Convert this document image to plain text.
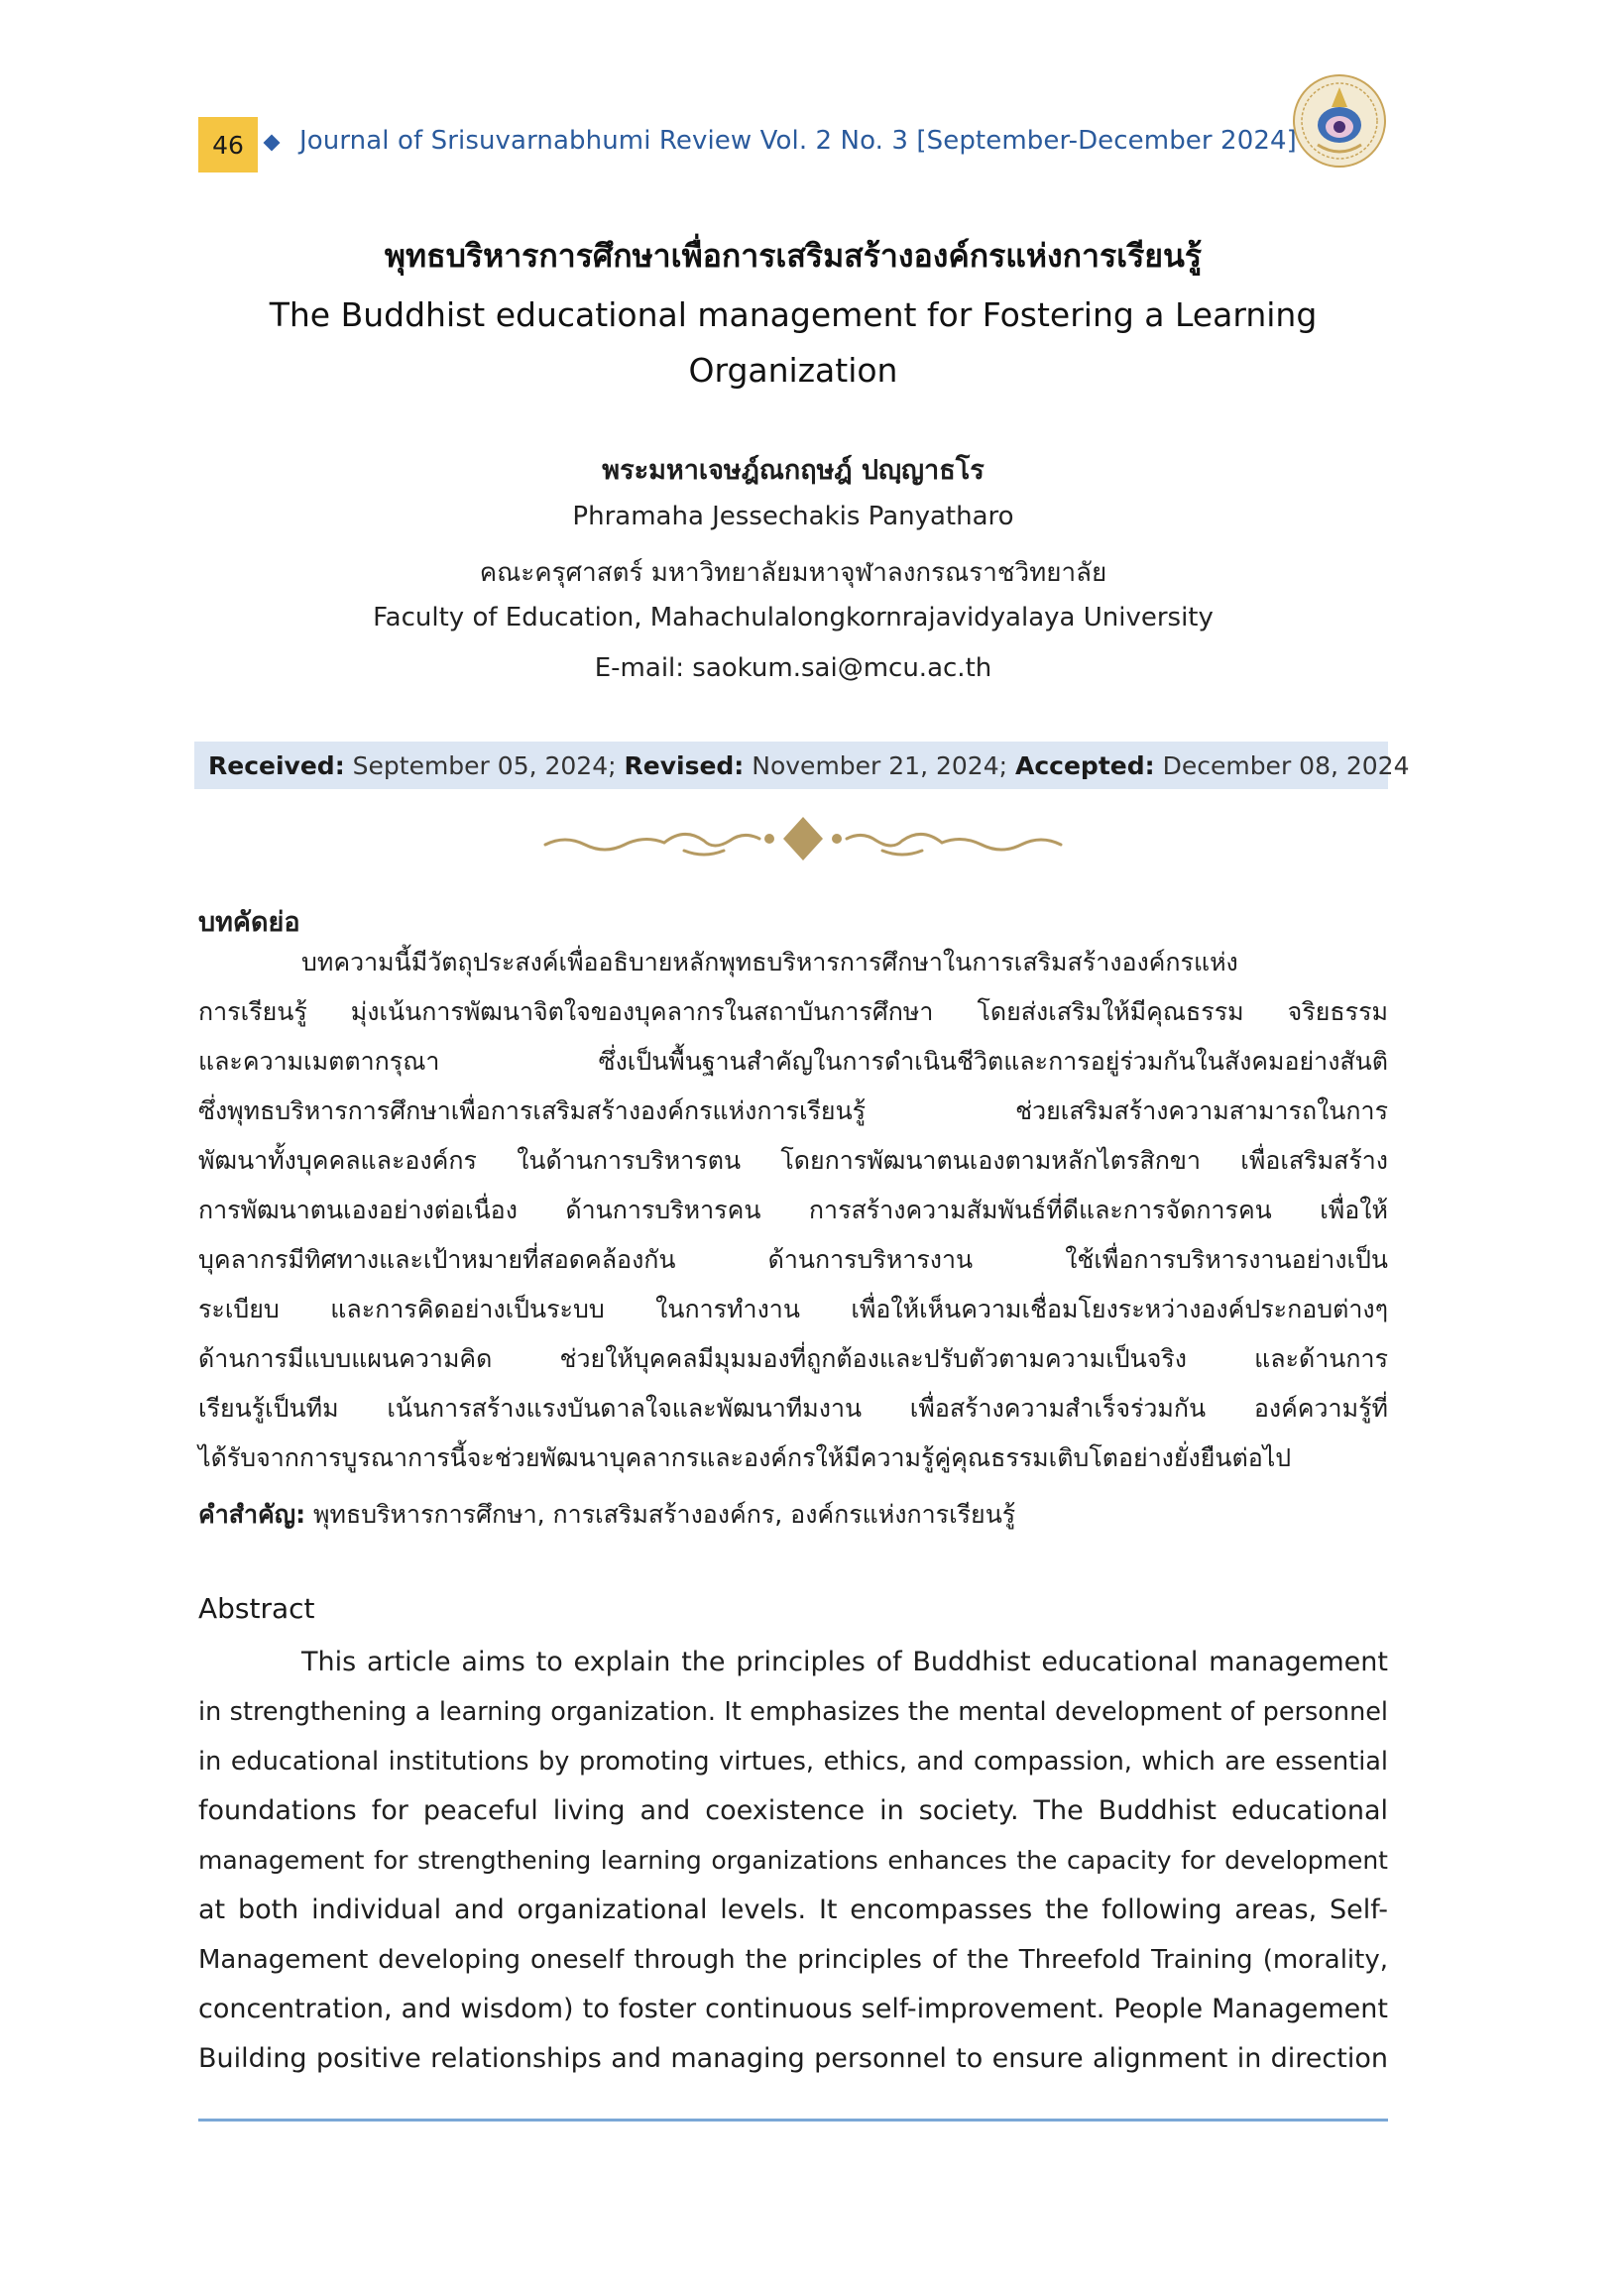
46	Journal of Srisuvarnabhumi Review Vol. 2 No. 3 [September-December 2024]
พุทธบริหารการศึกษาเพื่อการเสริมสร้างองค์กรแห่งการเรียนรู้
The Buddhist educational management for Fostering a Learning
Organization
พระมหาเจษฎ์ณกฤษฎ์ ปญฺญาธโร
Phramaha Jessechakis Panyatharo
คณะครุศาสตร์ มหาวิทยาลัยมหาจุฬาลงกรณราชวิทยาลัย
Faculty of Education, Mahachulalongkornrajavidyalaya University
E-mail: saokum.sai@mcu.ac.th
Received:
September 05, 2024;
Revised:
November 21, 2024;
Accepted:
December 08, 2024
บทคัดย่อ
บทความนี้มีวัตถุประสงค์เพื่ออธิบายหลักพุทธบริหารการศึกษาในการเสริมสร้างองค์กรแห่ง
การเรียนรู้ มุ่งเน้นการพัฒนาจิตใจของบุคลากรในสถาบันการศึกษา โดยส่งเสริมให้มีคุณธรรม จริยธรรม
และความเมตตากรุณา ซึ่งเป็นพื้นฐานสำคัญในการดำเนินชีวิตและการอยู่ร่วมกันในสังคมอย่างสันติ
ซึ่งพุทธบริหารการศึกษาเพื่อการเสริมสร้างองค์กรแห่งการเรียนรู้ ช่วยเสริมสร้างความสามารถในการ
พัฒนาทั้งบุคคลและองค์กร ในด้านการบริหารตน โดยการพัฒนาตนเองตามหลักไตรสิกขา เพื่อเสริมสร้าง
การพัฒนาตนเองอย่างต่อเนื่อง ด้านการบริหารคน การสร้างความสัมพันธ์ที่ดีและการจัดการคน เพื่อให้
บุคลากรมีทิศทางและเป้าหมายที่สอดคล้องกัน ด้านการบริหารงาน ใช้เพื่อการบริหารงานอย่างเป็น
ระเบียบ และการคิดอย่างเป็นระบบ ในการทำงาน เพื่อให้เห็นความเชื่อมโยงระหว่างองค์ประกอบต่างๆ
ด้านการมีแบบแผนความคิด ช่วยให้บุคคลมีมุมมองที่ถูกต้องและปรับตัวตามความเป็นจริง และด้านการ
เรียนรู้เป็นทีม เน้นการสร้างแรงบันดาลใจและพัฒนาทีมงาน เพื่อสร้างความสำเร็จร่วมกัน องค์ความรู้ที่
ได้รับจากการบูรณาการนี้จะช่วยพัฒนาบุคลากรและองค์กรให้มีความรู้คู่คุณธรรมเติบโตอย่างยั่งยืนต่อไป
คำสำคัญ: พุทธบริหารการศึกษา, การเสริมสร้างองค์กร, องค์กรแห่งการเรียนรู้
Abstract
This article aims to explain the principles of Buddhist educational management
in strengthening a learning organization. It emphasizes the mental development of personnel
in educational institutions by promoting virtues, ethics, and compassion, which are essential
foundations for peaceful living and coexistence in society. The Buddhist educational
management for strengthening learning organizations enhances the capacity for development
at both individual and organizational levels. It encompasses the following areas, Self-
Management developing oneself through the principles of the Threefold Training (morality,
concentration, and wisdom) to foster continuous self-improvement. People Management
Building positive relationships and managing personnel to ensure alignment in direction
